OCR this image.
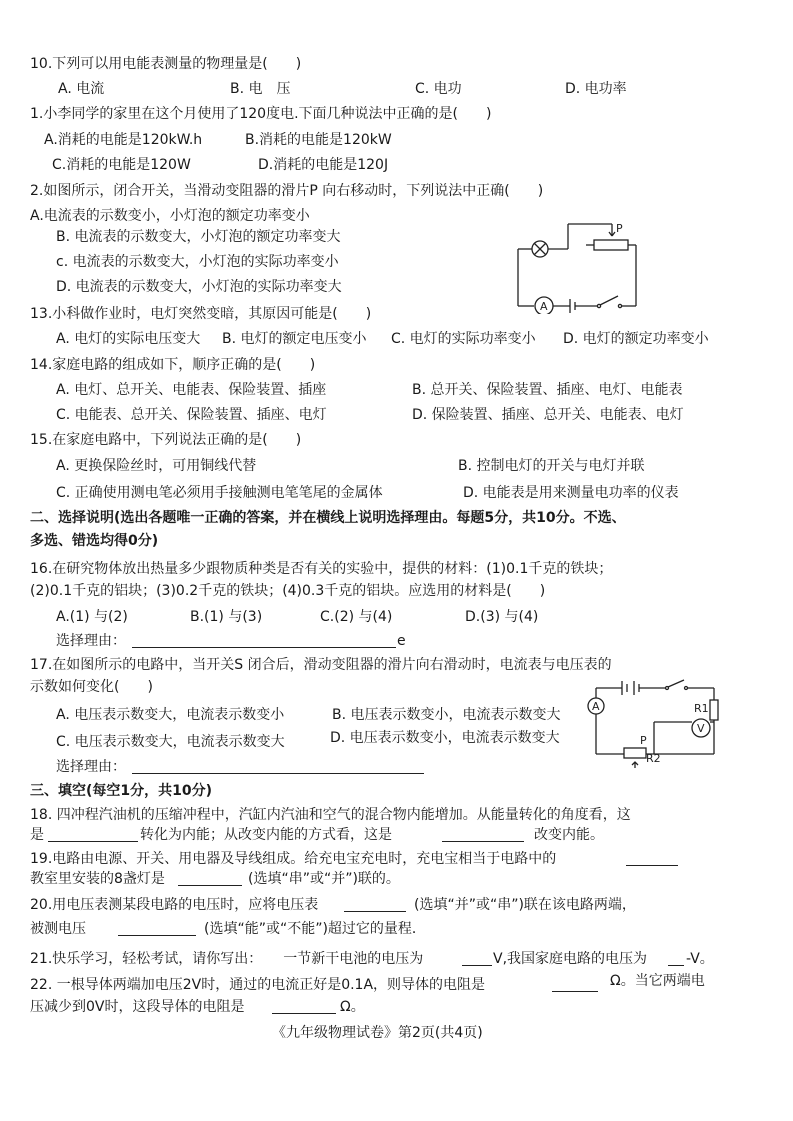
10.下列可以用电能表测量的物理量是(　　)
A. 电流	B. 电　压	C. 电功	D. 电功率
1.小李同学的家里在这个月使用了120度电.下面几种说法中正确的是(　　)
A.消耗的电能是120kW.h	B.消耗的电能是120kW
C.消耗的电能是120W	D.消耗的电能是120J
2.如图所示，闭合开关，当滑动变阻器的滑片P 向右移动时，下列说法中正确(　　)
A.电流表的示数变小，小灯泡的额定功率变小
B. 电流表的示数变大，小灯泡的额定功率变大
c. 电流表的示数变大，小灯泡的实际功率变小
D. 电流表的示数变大，小灯泡的实际功率变大
P
A
13.小科做作业时，电灯突然变暗，其原因可能是(　　)
A. 电灯的实际电压变大 B. 电灯的额定电压变小 C. 电灯的实际功率变小 D. 电灯的额定功率变小
14.家庭电路的组成如下，顺序正确的是(　　)
A. 电灯、总开关、电能表、保险装置、插座	B. 总开关、保险装置、插座、电灯、电能表
C. 电能表、总开关、保险装置、插座、电灯	D. 保险装置、插座、总开关、电能表、电灯
15.在家庭电路中，下列说法正确的是(　　)
A. 更换保险丝时，可用铜线代替	B. 控制电灯的开关与电灯并联
C. 正确使用测电笔必须用手接触测电笔笔尾的金属体	D. 电能表是用来测量电功率的仪表
二、选择说明(选出各题唯一正确的答案，并在横线上说明选择理由。每题5分，共10分。不选、
多选、错选均得0分)
16.在研究物体放出热量多少跟物质种类是否有关的实验中，提供的材料：(1)0.1千克的铁块；
(2)0.1千克的铝块；(3)0.2千克的铁块；(4)0.3千克的铝块。应选用的材料是(　　)
A.(1) 与(2)	B.(1) 与(3)	C.(2) 与(4)	D.(3) 与(4)
选择理由：	e
17.在如图所示的电路中，当开关S 闭合后，滑动变阻器的滑片向右滑动时，电流表与电压表的
示数如何变化(　　)
A. 电压表示数变大，电流表示数变小	B. 电压表示数变小，电流表示数变大
C. 电压表示数变大，电流表示数变大	D. 电压表示数变小，电流表示数变大
选择理由：
R1
A
P
R2
V
三、填空(每空1分，共10分)
18. 四冲程汽油机的压缩冲程中，汽缸内汽油和空气的混合物内能增加。从能量转化的角度看，这
是	转化为内能；从改变内能的方式看，这是	改变内能。
19.电路由电源、开关、用电器及导线组成。给充电宝充电时，充电宝相当于电路中的
教室里安装的8盏灯是	(选填“串”或“并”)联的。
20.用电压表测某段电路的电压时，应将电压表	(选填“并”或“串”)联在该电路两端，
被测电压	(选填“能”或“不能”)超过它的量程．
21.快乐学习，轻松考试，请你写出：　　一节新干电池的电压为	V,我国家庭电路的电压为	-V。
22. 一根导体两端加电压2V时，通过的电流正好是0.1A，则导体的电阻是	Ω。当它两端电
压减少到0V时，这段导体的电阻是	Ω。
《九年级物理试卷》第2页(共4页)
